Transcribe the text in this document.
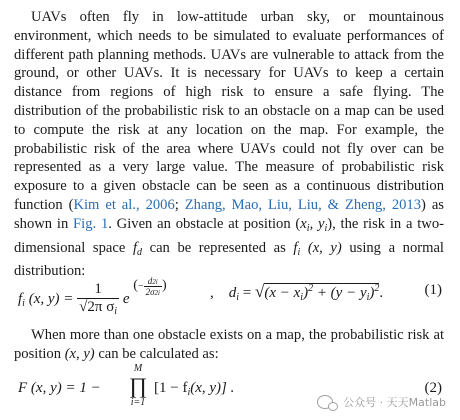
UAVs often fly in low-attitude urban sky, or mountainous environment, which needs to be simulated to evaluate performances of different path planning methods. UAVs are vulnerable to attack from the ground, or other UAVs. It is necessary for UAVs to keep a certain distance from regions of high risk to ensure a safe flying. The distribution of the probabilistic risk to an obstacle on a map can be used to compute the risk at any location on the map. For example, the probabilistic risk of the area where UAVs could not fly over can be represented as a very large value. The measure of probabilistic risk exposure to a given obstacle can be seen as a continuous distribution function (Kim et al., 2006; Zhang, Mao, Liu, Liu, & Zheng, 2013) as shown in Fig. 1. Given an obstacle at position ($x_i$, $y_i$), the risk in a two-dimensional space $f_d$ can be represented as $f_i$ (x, y) using a normal distribution:

$f_i$ (x, $y) = \frac{1}{√2\pi \sigma_i}$ e (− $\frac{d2i}{2\sigma 2i}$ )	,    $d_i = √(x - x_i)^2 + (y - y_i)^2$.	(1)

When more than one obstacle exists on a map, the probabilistic risk at position (x, y) can be calculated as:

F (x, y) = 1 −
M
∏
i=1
[$1 - f_i(x$, y)] .	(2)
公众号 · 天天Matlab
